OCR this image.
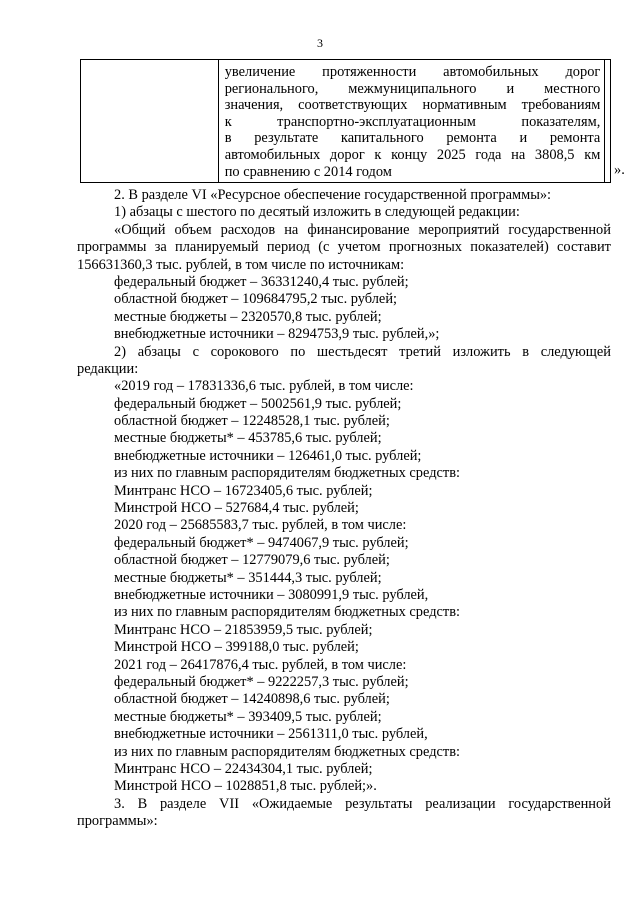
3

увеличение протяженности автомобильных дорог
регионального, межмуниципального и местного
значения, соответствующих нормативным требованиям
к	транспортно-эксплуатационным	показателям,
в результате капитального ремонта и ремонта
автомобильных дорог к концу 2025 года на 3808,5 км
по сравнению с 2014 годом
		».
2. В разделе VI «Ресурсное обеспечение государственной программы»:
1) абзацы с шестого по десятый изложить в следующей редакции:
«Общий объем расходов на финансирование мероприятий государственной
программы за планируемый период (с учетом прогнозных показателей) составит
156631360,3 тыс. рублей, в том числе по источникам:
федеральный бюджет – 36331240,4 тыс. рублей;
областной бюджет – 109684795,2 тыс. рублей;
местные бюджеты – 2320570,8 тыс. рублей;
внебюджетные источники – 8294753,9 тыс. рублей,»;
2) абзацы с сорокового по шестьдесят третий изложить в следующей
редакции:
«2019 год – 17831336,6 тыс. рублей, в том числе:
федеральный бюджет – 5002561,9 тыс. рублей;
областной бюджет – 12248528,1 тыс. рублей;
местные бюджеты* – 453785,6 тыс. рублей;
внебюджетные источники – 126461,0 тыс. рублей;
из них по главным распорядителям бюджетных средств:
Минтранс НСО – 16723405,6 тыс. рублей;
Минстрой НСО – 527684,4 тыс. рублей;
2020 год – 25685583,7 тыс. рублей, в том числе:
федеральный бюджет* – 9474067,9 тыс. рублей;
областной бюджет – 12779079,6 тыс. рублей;
местные бюджеты* – 351444,3 тыс. рублей;
внебюджетные источники – 3080991,9 тыс. рублей,
из них по главным распорядителям бюджетных средств:
Минтранс НСО – 21853959,5 тыс. рублей;
Минстрой НСО – 399188,0 тыс. рублей;
2021 год – 26417876,4 тыс. рублей, в том числе:
федеральный бюджет* – 9222257,3 тыс. рублей;
областной бюджет – 14240898,6 тыс. рублей;
местные бюджеты* – 393409,5 тыс. рублей;
внебюджетные источники – 2561311,0 тыс. рублей,
из них по главным распорядителям бюджетных средств:
Минтранс НСО – 22434304,1 тыс. рублей;
Минстрой НСО – 1028851,8 тыс. рублей;».
3. В разделе VII «Ожидаемые результаты реализации государственной
программы»:
